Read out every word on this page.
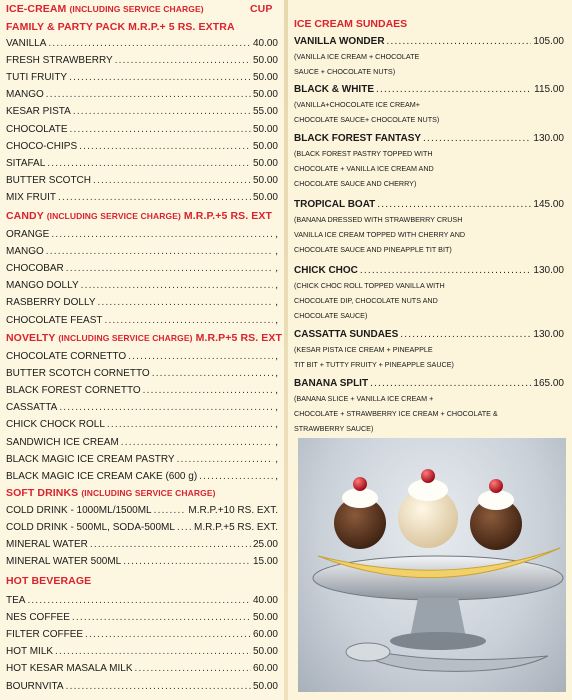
ICE-CREAM (INCLUDING SERVICE CHARGE)	CUP
FAMILY & PARTY PACK M.R.P.+ 5 RS. EXTRA
CANDY (INCLUDING SERVICE CHARGE) M.R.P.+5 RS. EXT
NOVELTY (INCLUDING SERVICE CHARGE) M.R.P+5 RS. EXT
SOFT DRINKS (INCLUDING SERVICE CHARGE)
HOT BEVERAGE
VANILLA .....	40.00
FRESH STRAWBERRY .....	50.00
TUTI FRUITY .....	50.00
MANGO .....	50.00
KESAR PISTA .....	55.00
CHOCOLATE .....	50.00
CHOCO-CHIPS .....	50.00
SITAFAL .....	50.00
BUTTER SCOTCH .....	50.00
MIX FRUIT .....	50.00
ORANGE .....	,
MANGO .....	,
CHOCOBAR .....	,
MANGO DOLLY .....	,
RASBERRY DOLLY .....	,
CHOCOLATE FEAST .....	,
CHOCOLATE CORNETTO .....	,
BUTTER SCOTCH CORNETTO .....	,
BLACK FOREST CORNETTO .....	,
CASSATTA .....	,
CHICK CHOCK ROLL .....	,
SANDWICH ICE CREAM .....	,
BLACK MAGIC ICE CREAM PASTRY .....	,
BLACK MAGIC ICE CREAM CAKE (600 g) .....	,
COLD DRINK - 1000ML/1500ML .....	M.R.P.+10 RS. EXT.
COLD DRINK - 500ML, SODA-500ML ..... M.R.P.+5 RS. EXT.
MINERAL WATER .....	25.00
MINERAL WATER 500ML .....	15.00
TEA .....	40.00
NES COFFEE .....	50.00
FILTER COFFEE .....	60.00
HOT MILK .....	50.00
HOT KESAR MASALA MILK .....	60.00
BOURNVITA .....	50.00
ICE CREAM SUNDAES
VANILLA WONDER .....	105.00
(VANILLA ICE CREAM + CHOCOLATE
SAUCE + CHOCOLATE NUTS)
BLACK & WHITE .....	115.00
(VANILLA+CHOCOLATE ICE CREAM+
CHOCOLATE SAUCE+ CHOCOLATE NUTS)
BLACK FOREST FANTASY .....	130.00
(BLACK FOREST PASTRY TOPPED WITH
CHOCOLATE + VANILLA ICE CREAM AND
CHOCOLATE SAUCE AND CHERRY)
TROPICAL BOAT .....	145.00
(BANANA DRESSED WITH STRAWBERRY CRUSH
VANILLA ICE CREAM TOPPED WITH CHERRY AND
CHOCOLATE SAUCE AND PINEAPPLE TIT BIT)
CHICK CHOC .....	130.00
(CHICK CHOC ROLL TOPPED VANILLA WITH
CHOCOLATE DIP, CHOCOLATE NUTS AND
CHOCOLATE SAUCE)
CASSATTA SUNDAES .....	130.00
(KESAR PISTA ICE CREAM + PINEAPPLE
TIT BIT + TUTTY FRUITY + PINEAPPLE SAUCE)
BANANA SPLIT .....	165.00
(BANANA SLICE + VANILLA ICE CREAM +
CHOCOLATE + STRAWBERRY ICE CREAM + CHOCOLATE &
STRAWBERRY SAUCE)
